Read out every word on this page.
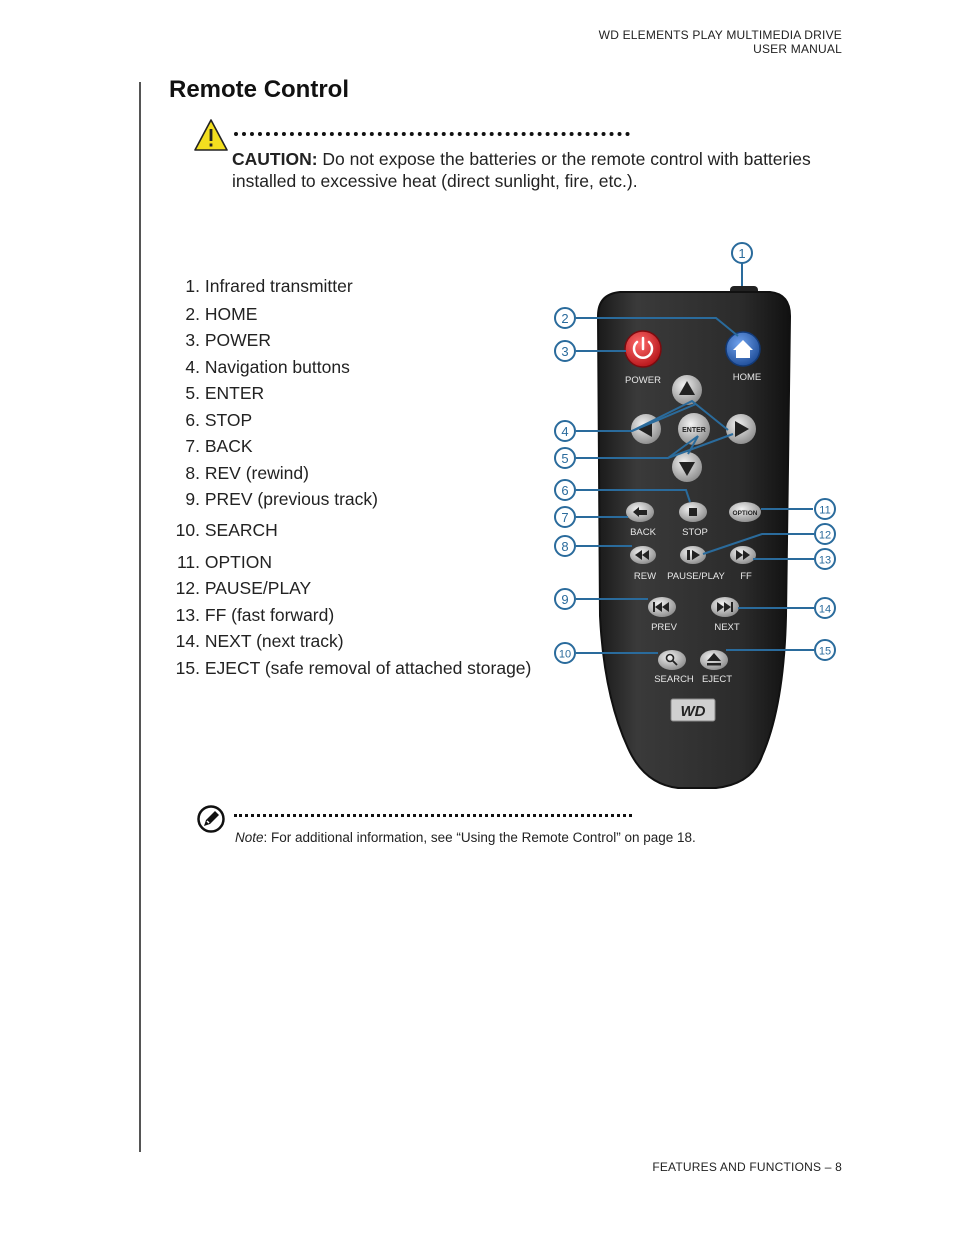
WD ELEMENTS PLAY MULTIMEDIA DRIVE
USER MANUAL
Remote Control
CAUTION: Do not expose the batteries or the remote control with batteries installed to excessive heat (direct sunlight, fire, etc.).
1. Infrared transmitter
2. HOME
3. POWER
4. Navigation buttons
5. ENTER
6. STOP
7. BACK
8. REV (rewind)
9. PREV (previous track)
10. SEARCH
11. OPTION
12. PAUSE/PLAY
13. FF (fast forward)
14. NEXT (next track)
15. EJECT (safe removal of attached storage)
POWER	HOME
ENTER
BACK	STOP
OPTION
REW PAUSE/PLAY FF
PREV	NEXT
SEARCH EJECT
WD
1
2
3
4
5
6
7
8
9
10
11
12
13
14
15
Note: For additional information, see “Using the Remote Control” on page 18.
FEATURES AND FUNCTIONS – 8
